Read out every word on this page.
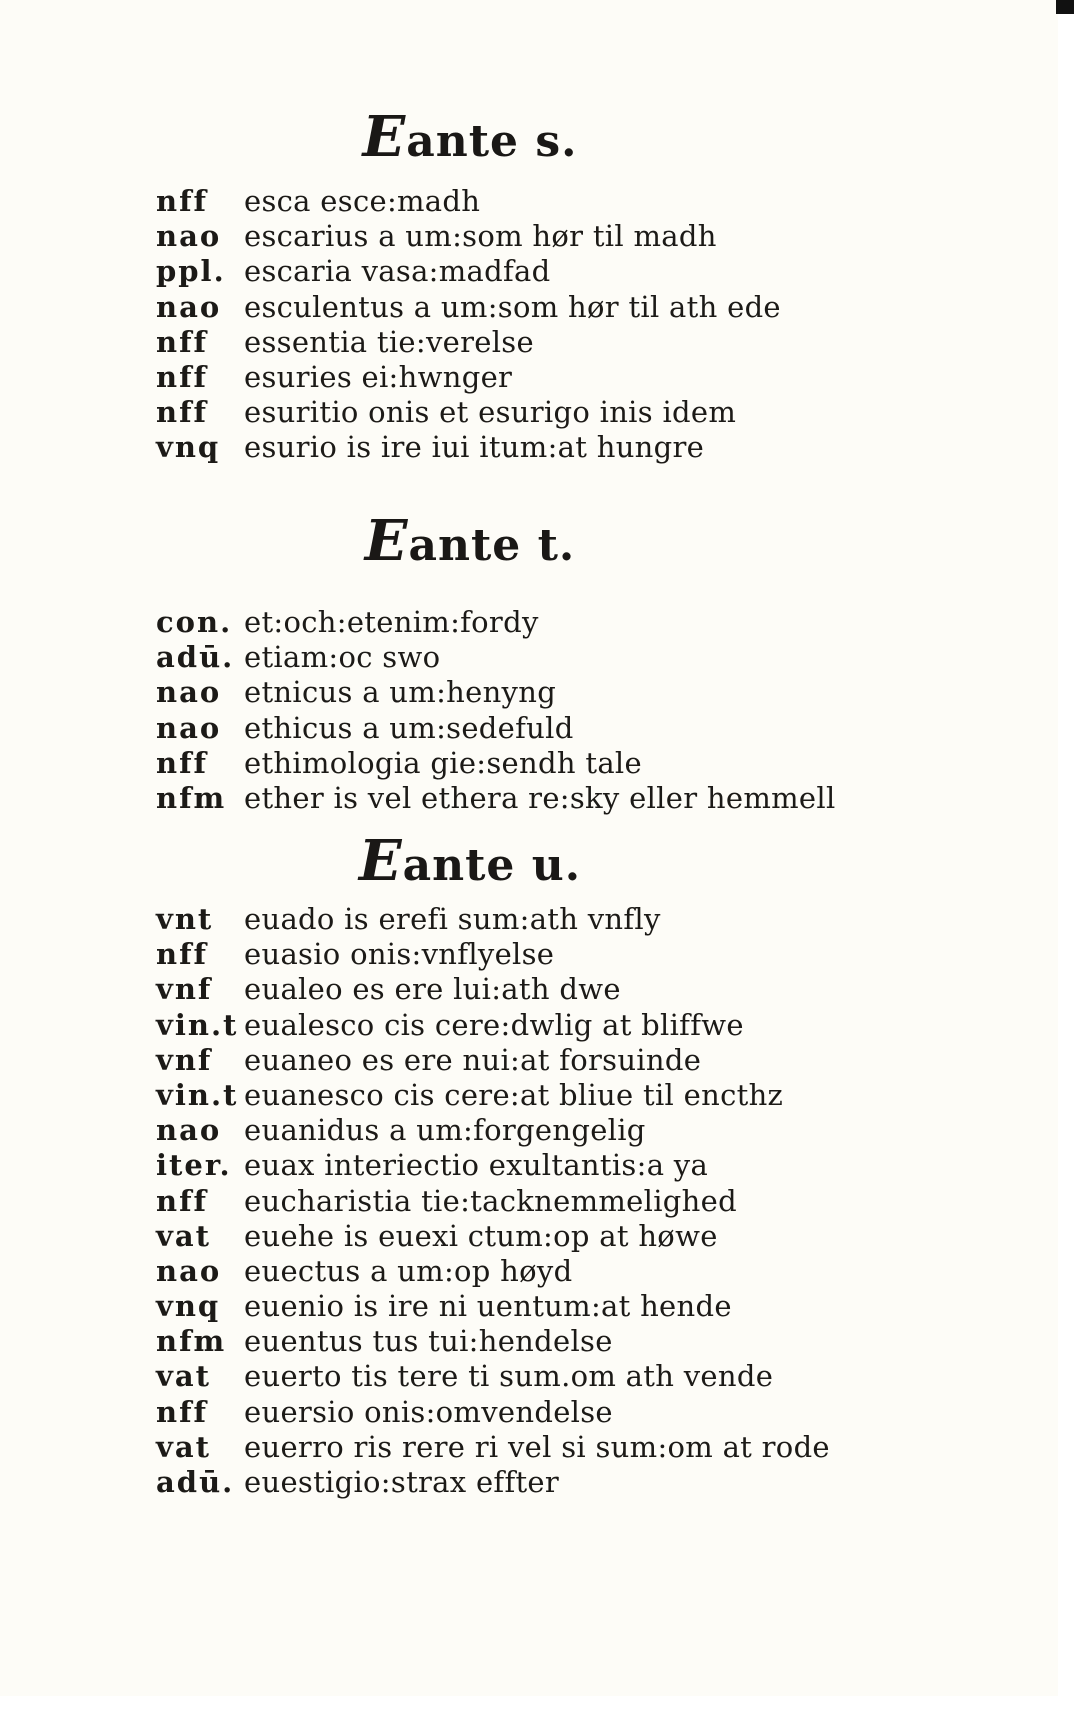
Eante s.
nff	esca esce:madh
nao escarius a um:som hør til madh
ppl. escaria vasa:madfad
nao esculentus a um:som hør til ath ede
nff	essentia tie:verelse
nff	esuries ei:hwnger
nff	esuritio onis et esurigo inis idem
vnq esurio is ire iui itum:at hungre
Eante t.
con. et:och:etenim:fordy
adū. etiam:oc swo
nao etnicus a um:henyng
nao ethicus a um:sedefuld
nff	ethimologia gie:sendh tale
nfm ether is vel ethera re:sky eller hemmell
Eante u.
vnt	euado is erefi sum:ath vnfly
nff	euasio onis:vnflyelse
vnf	eualeo es ere lui:ath dwe
vin.t eualesco cis cere:dwlig at bliffwe
vnf	euaneo es ere nui:at forsuinde
vin.t euanesco cis cere:at bliue til encthz
nao euanidus a um:forgengelig
iter. euax interiectio exultantis:a ya
nff	eucharistia tie:tacknemmelighed
vat	euehe is euexi ctum:op at høwe
nao euectus a um:op høyd
vnq euenio is ire ni uentum:at hende
nfm euentus tus tui:hendelse
vat	euerto tis tere ti sum.om ath vende
nff	euersio onis:omvendelse
vat	euerro ris rere ri vel si sum:om at rode
adū. euestigio:strax effter
